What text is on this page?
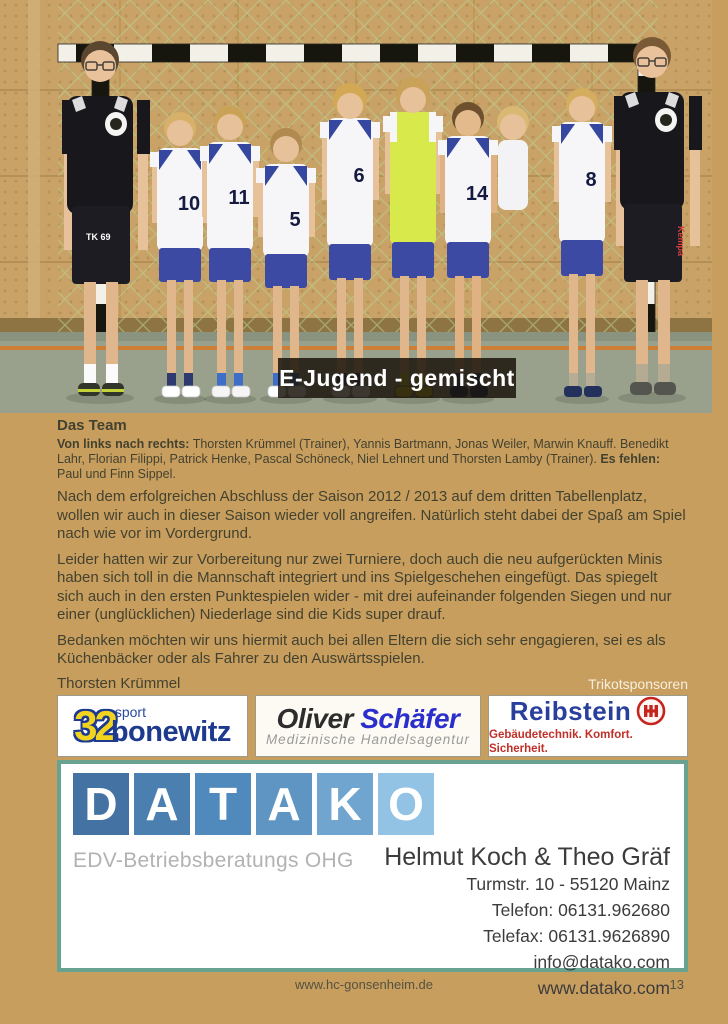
TK 69
10 11
5
6
14
8
Kempa
E-Jugend - gemischt
Das Team

Von links nach rechts: Thorsten Krümmel (Trainer), Yannis Bartmann, Jonas Weiler, Marwin Knauff. Benedikt Lahr, Florian Filippi, Patrick Henke, Pascal Schöneck, Niel Lehnert und Thorsten Lamby (Trainer). Es fehlen: Paul und Finn Sippel.

Nach dem erfolgreichen Abschluss der Saison 2012 / 2013 auf dem dritten Tabellenplatz, wollen wir auch in dieser Saison wieder voll angreifen. Natürlich steht dabei der Spaß am Spiel nach wie vor im Vordergrund.

Leider hatten wir zur Vorbereitung nur zwei Turniere, doch auch die neu aufgerückten Minis haben sich toll in die Mannschaft integriert und ins Spielgeschehen eingefügt. Das spiegelt sich auch in den ersten Punktespielen wider - mit drei aufeinander folgenden Siegen und nur einer (unglücklichen) Niederlage sind die Kids super drauf.

Bedanken möchten wir uns hiermit auch bei allen Eltern die sich sehr engagieren, sei es als Küchenbäcker oder als Fahrer zu den Auswärtsspielen.

Thorsten Krümmel	Trikotsponsoren
32 sport
bonewitz Oliver Schäfer
Medizinische Handelsagentur
Reibstein
Gebäudetechnik. Komfort. Sicherheit.
D A T A K O
EDV-Betriebsberatungs OHG Helmut Koch & Theo Gräf
Turmstr. 10 - 55120 Mainz
Telefon: 06131.962680
Telefax: 06131.9626890
info@datako.com
www.datako.com
www.hc-gonsenheim.de	13
